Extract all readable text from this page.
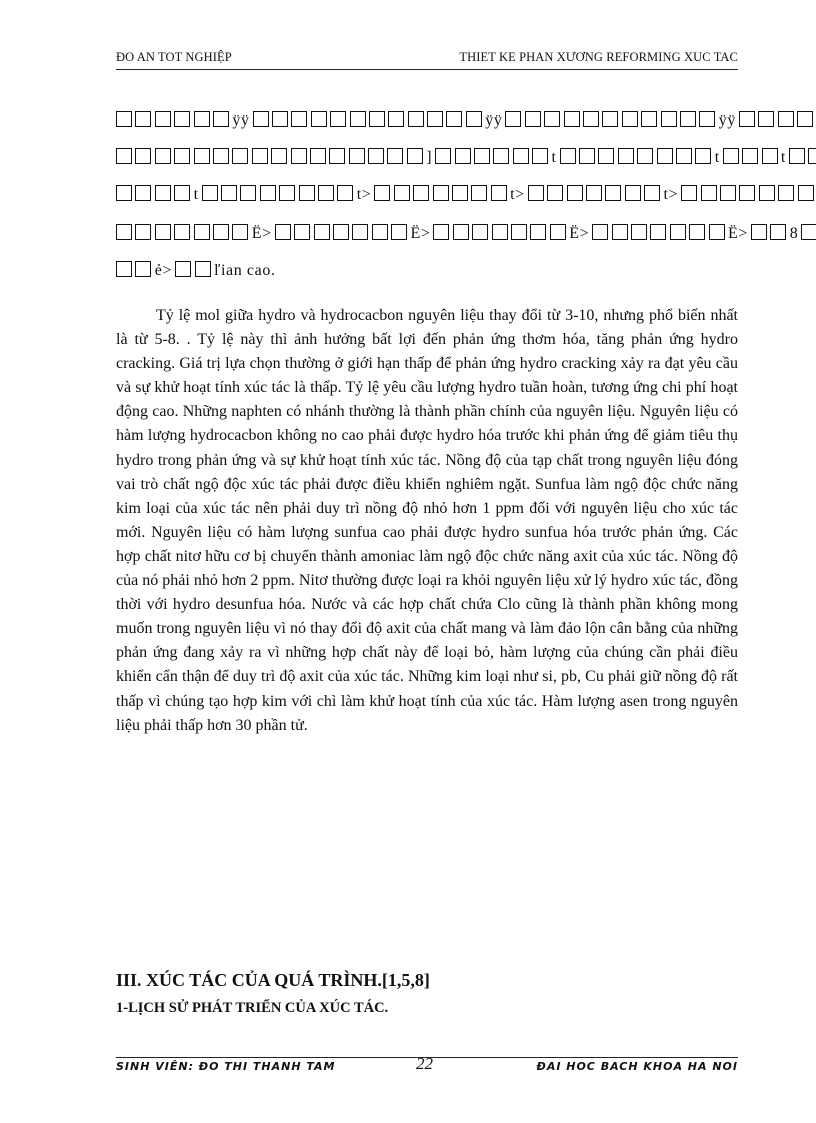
ĐO AN TOT NGHIỆP	THIET KE PHAN XƯƠNG REFORMING XUC TAC
ÿÿ	ÿÿ	ÿÿ
]	t	t	t
t	t>	t>	t>
Ë>	Ë>	Ë>	Ë>	8
ẻ>	ľian cao.

Tỷ lệ mol giữa hydro và hydrocacbon nguyên liệu thay đổi từ 3-10, nhưng phổ biến nhất là từ 5-8. . Tỷ lệ này thì ảnh hưởng bất lợi đến phản ứng thơm hóa, tăng phản ứng hydro cracking. Giá trị lựa chọn thường ở giới hạn thấp để phản ứng hydro cracking xảy ra đạt yêu cầu và sự khử hoạt tính xúc tác là thấp. Tỷ lệ yêu cầu lượng hydro tuần hoàn, tương ứng chi phí hoạt động cao. Những naphten có nhánh thường là thành phần chính của nguyên liệu. Nguyên liệu có hàm lượng hydrocacbon không no cao phải được hydro hóa trước khi phản ứng để giảm tiêu thụ hydro trong phản ứng và sự khử hoạt tính xúc tác. Nồng độ của tạp chất trong nguyên liệu đóng vai trò chất ngộ độc xúc tác phải được điều khiển nghiêm ngặt. Sunfua làm ngộ độc chức năng kim loại của xúc tác nên phải duy trì nồng độ nhỏ hơn 1 ppm đối với nguyên liệu cho xúc tác mới. Nguyên liệu có hàm lượng sunfua cao phải được hydro sunfua hóa trước phản ứng. Các hợp chất nitơ hữu cơ bị chuyển thành amoniac làm ngộ độc chức năng axit của xúc tác. Nồng độ của nó phải nhỏ hơn 2 ppm. Nitơ thường được loại ra khỏi nguyên liệu xử lý hydro xúc tác, đồng thời với hydro desunfua hóa. Nước và các hợp chất chứa Clo cũng là thành phần không mong muốn trong nguyên liệu vì nó thay đổi độ axit của chất mang và làm đảo lộn cân bằng của những phản ứng đang xảy ra vì những hợp chất này để loại bỏ, hàm lượng của chúng cần phải điều khiển cẩn thận để duy trì độ axit của xúc tác. Những kim loại như si, pb, Cu phải giữ nồng độ rất thấp vì chúng tạo hợp kim với chì làm khử hoạt tính của xúc tác. Hàm lượng asen trong nguyên liệu phải thấp hơn 30 phần tử.

III. XÚC TÁC CỦA QUÁ TRÌNH.[1,5,8]
1-LỊCH SỬ PHÁT TRIỂN CỦA XÚC TÁC.
SINH VIÊN: ĐO THI THANH TAM	22	ĐAI HOC BACH KHOA HA NOI
